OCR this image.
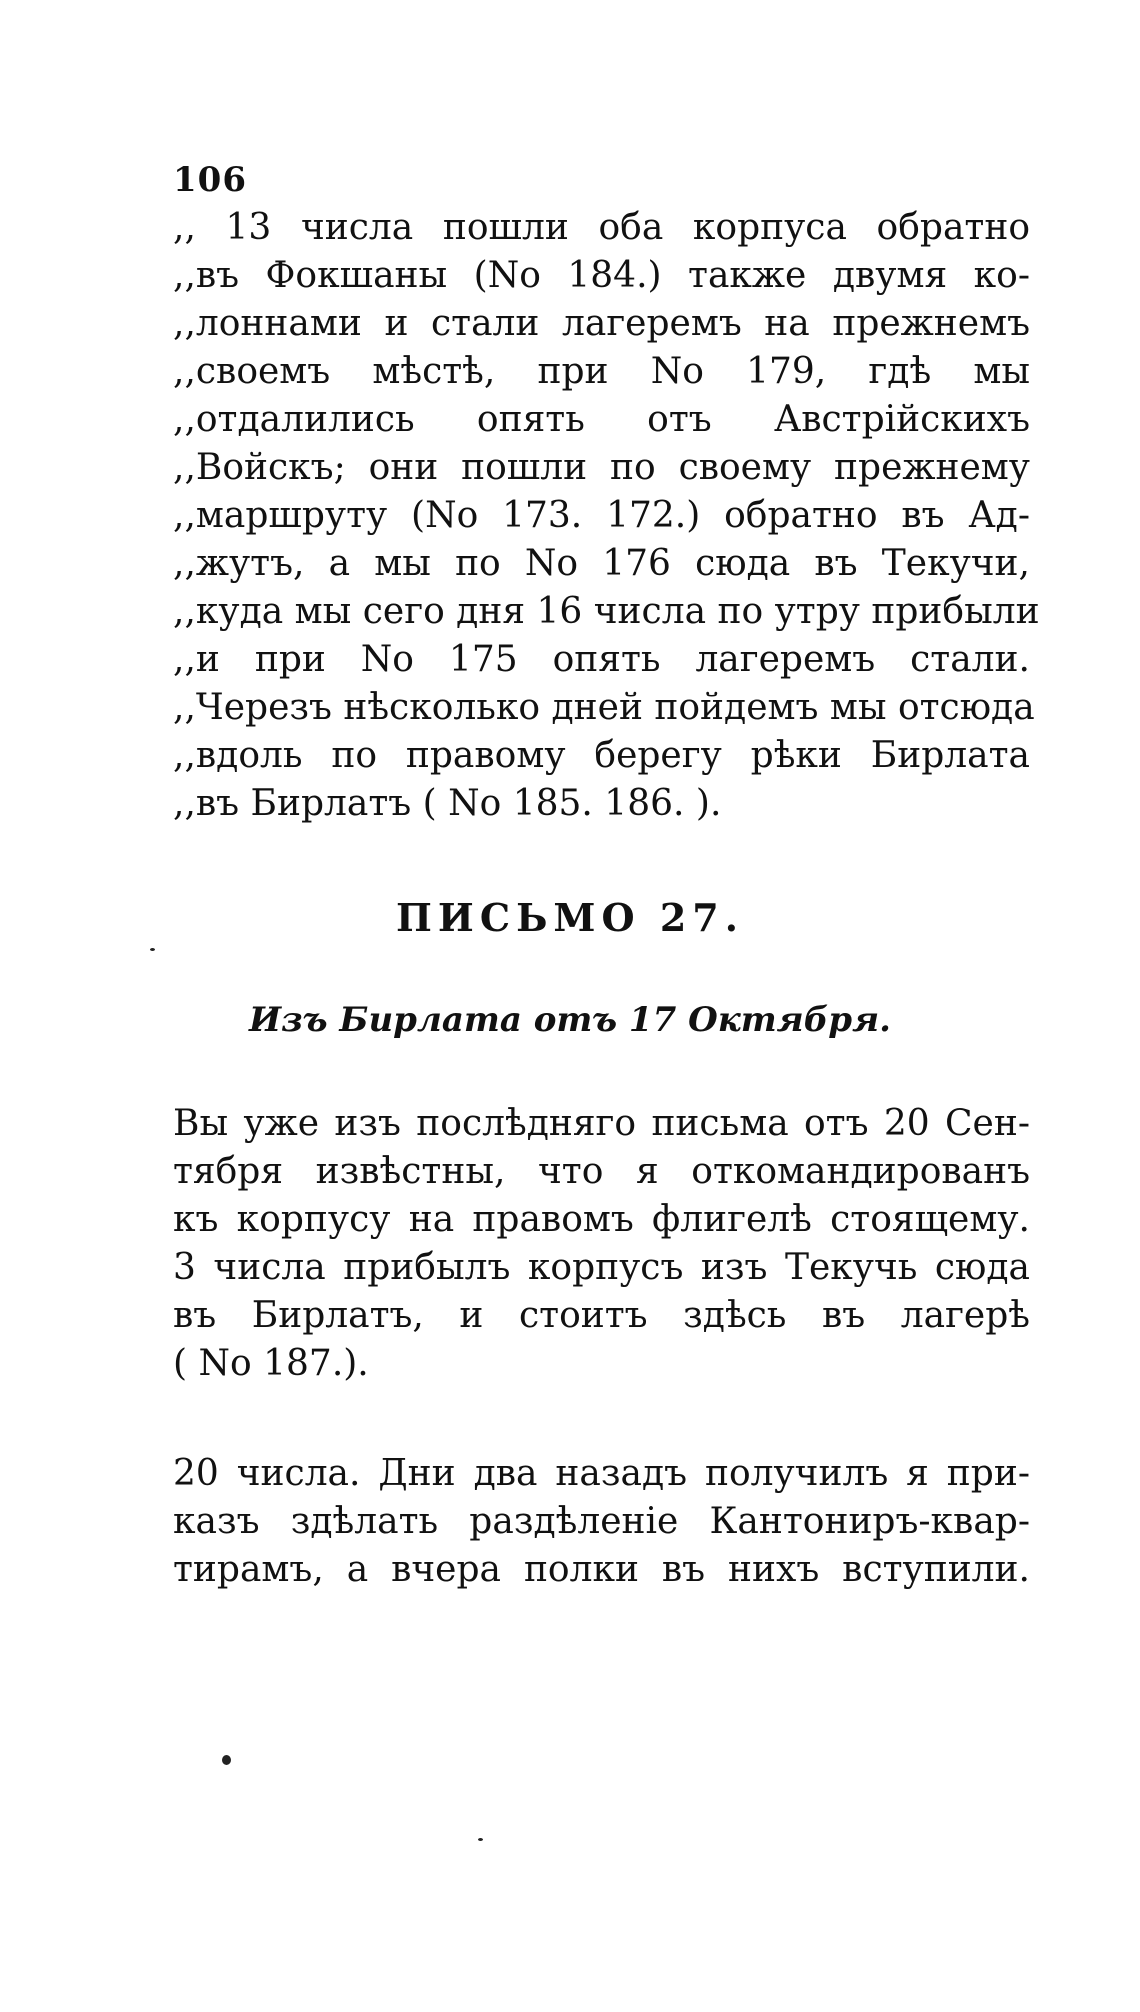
106
,, 13 числа пошли оба корпуса обратно
,,въ Фокшаны (No 184.) также двумя ко-
,,лоннами и стали лагеремъ на прежнемъ
,,своемъ мѣстѣ, при No 179, гдѣ мы
,,отдалились опять отъ Австрiйскихъ
,,Войскъ; они пошли по своему прежнему
,,маршруту (No 173. 172.) обратно въ Ад-
,,жутъ, а мы по No 176 сюда въ Текучи,
,,куда мы сего дня 16 числа по утру прибыли
,,и при No 175 опять лагеремъ стали.
,,Черезъ нѣсколько дней пойдемъ мы отсюда
,,вдоль по правому берегу рѣки Бирлата
,,въ Бирлатъ ( No 185. 186. ).
ПИСЬМО 27.
Изъ Бирлата отъ 17 Октября.
Вы уже изъ послѣдняго письма отъ 20 Сен-
тября извѣстны, что я откомандированъ
къ корпусу на правомъ флигелѣ стоящему.
3 числа прибылъ корпусъ изъ Текучь сюда
въ Бирлатъ, и стоитъ здѣсь въ лагерѣ
( No 187.).
20 числа. Дни два назадъ получилъ я при-
казъ здѣлать раздѣленiе Кантониръ-квар-
тирамъ, а вчера полки въ нихъ вступили.
